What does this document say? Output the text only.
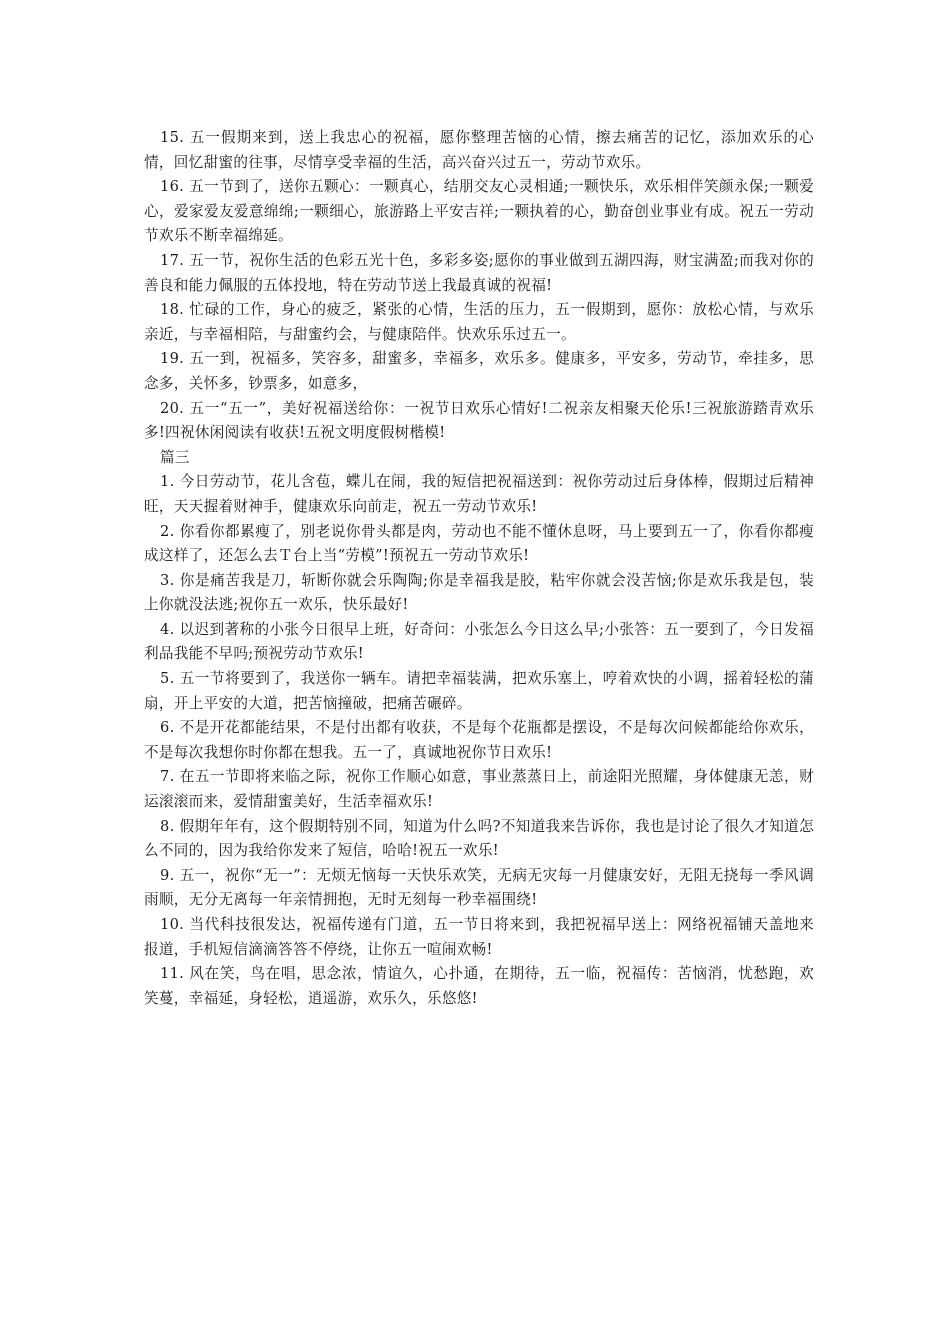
15. 五一假期来到，送上我忠心的祝福，愿你整理苦恼的心情，擦去痛苦的记忆，添加欢乐的心情，回忆甜蜜的往事，尽情享受幸福的生活，高兴奋兴过五一，劳动节欢乐。

16. 五一节到了，送你五颗心：一颗真心，结朋交友心灵相通;一颗快乐，欢乐相伴笑颜永保;一颗爱心，爱家爱友爱意绵绵;一颗细心，旅游路上平安吉祥;一颗执着的心，勤奋创业事业有成。祝五一劳动节欢乐不断幸福绵延。

17. 五一节，祝你生活的色彩五光十色，多彩多姿;愿你的事业做到五湖四海，财宝满盈;而我对你的善良和能力佩服的五体投地，特在劳动节送上我最真诚的祝福!

18. 忙碌的工作，身心的疲乏，紧张的心情，生活的压力，五一假期到，愿你：放松心情，与欢乐亲近，与幸福相陪，与甜蜜约会，与健康陪伴。快欢乐乐过五一。

19. 五一到，祝福多，笑容多，甜蜜多，幸福多，欢乐多。健康多，平安多，劳动节，牵挂多，思念多，关怀多，钞票多，如意多，

20. 五一“五一”，美好祝福送给你：一祝节日欢乐心情好!二祝亲友相聚天伦乐!三祝旅游踏青欢乐多!四祝休闲阅读有收获!五祝文明度假树楷模!

篇三

1. 今日劳动节，花儿含苞，蝶儿在闹，我的短信把祝福送到：祝你劳动过后身体棒，假期过后精神旺，天天握着财神手，健康欢乐向前走，祝五一劳动节欢乐!

2. 你看你都累瘦了，别老说你骨头都是肉，劳动也不能不懂休息呀，马上要到五一了，你看你都瘦成这样了，还怎么去Ｔ台上当“劳模”!预祝五一劳动节欢乐!

3. 你是痛苦我是刀，斩断你就会乐陶陶;你是幸福我是胶，粘牢你就会没苦恼;你是欢乐我是包，装上你就没法逃;祝你五一欢乐，快乐最好!

4. 以迟到著称的小张今日很早上班，好奇问：小张怎么今日这么早;小张答：五一要到了，今日发福利品我能不早吗;预祝劳动节欢乐!

5. 五一节将要到了，我送你一辆车。请把幸福装满，把欢乐塞上，哼着欢快的小调，摇着轻松的蒲扇，开上平安的大道，把苦恼撞破，把痛苦碾碎。

6. 不是开花都能结果，不是付出都有收获，不是每个花瓶都是摆设，不是每次问候都能给你欢乐，不是每次我想你时你都在想我。五一了，真诚地祝你节日欢乐!

7. 在五一节即将来临之际，祝你工作顺心如意，事业蒸蒸日上，前途阳光照耀，身体健康无恙，财运滚滚而来，爱情甜蜜美好，生活幸福欢乐!

8. 假期年年有，这个假期特别不同，知道为什么吗?不知道我来告诉你，我也是讨论了很久才知道怎么不同的，因为我给你发来了短信，哈哈!祝五一欢乐!

9. 五一，祝你“无一”：无烦无恼每一天快乐欢笑，无病无灾每一月健康安好，无阻无挠每一季风调雨顺，无分无离每一年亲情拥抱，无时无刻每一秒幸福围绕!

10. 当代科技很发达，祝福传递有门道，五一节日将来到，我把祝福早送上：网络祝福铺天盖地来报道，手机短信滴滴答答不停绕，让你五一喧闹欢畅!

11. 风在笑，鸟在唱，思念浓，情谊久，心扑通，在期待，五一临，祝福传：苦恼消，忧愁跑，欢笑蔓，幸福延，身轻松，逍遥游，欢乐久，乐悠悠!
